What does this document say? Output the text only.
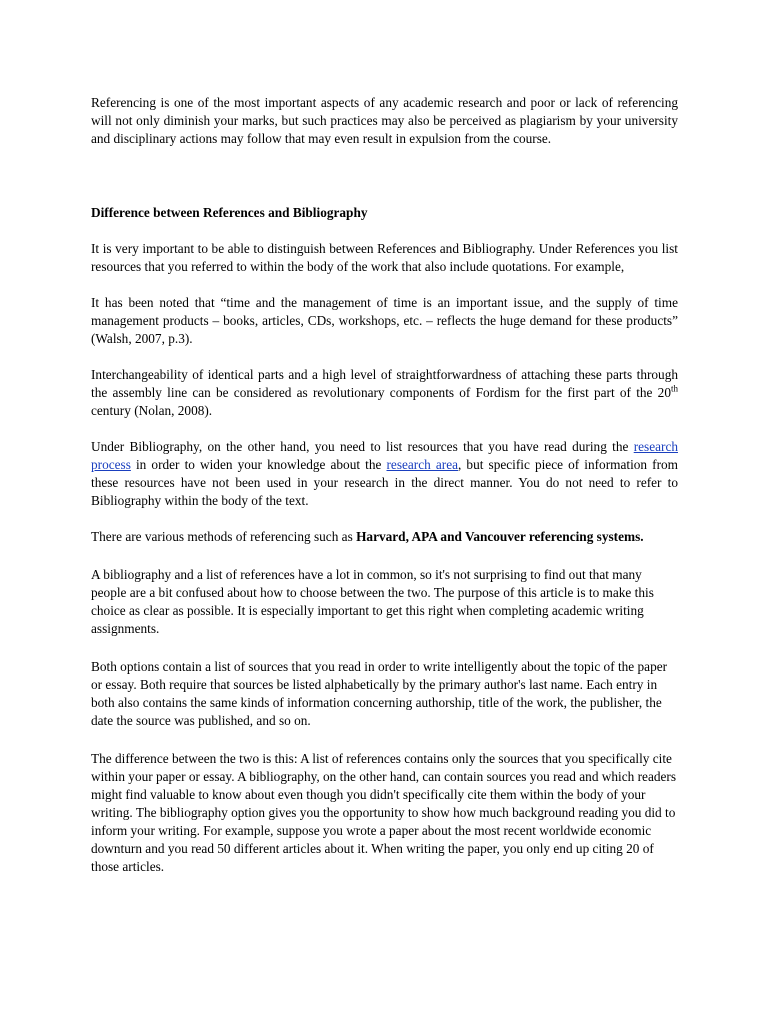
Referencing is one of the most important aspects of any academic research and poor or lack of referencing will not only diminish your marks, but such practices may also be perceived as plagiarism by your university and disciplinary actions may follow that may even result in expulsion from the course.

Difference between References and Bibliography

It is very important to be able to distinguish between References and Bibliography. Under References you list resources that you referred to within the body of the work that also include quotations. For example,

It has been noted that “time and the management of time is an important issue, and the supply of time management products – books, articles, CDs, workshops, etc. – reflects the huge demand for these products” (Walsh, 2007, p.3).

Interchangeability of identical parts and a high level of straightforwardness of attaching these parts through the assembly line can be considered as revolutionary components of Fordism for the first part of the 20th century (Nolan, 2008).

Under Bibliography, on the other hand, you need to list resources that you have read during the research process in order to widen your knowledge about the research area, but specific piece of information from these resources have not been used in your research in the direct manner. You do not need to refer to Bibliography within the body of the text.

There are various methods of referencing such as Harvard, APA and Vancouver referencing systems.

A bibliography and a list of references have a lot in common, so it's not surprising to find out that many people are a bit confused about how to choose between the two. The purpose of this article is to make this choice as clear as possible. It is especially important to get this right when completing academic writing assignments.

Both options contain a list of sources that you read in order to write intelligently about the topic of the paper or essay. Both require that sources be listed alphabetically by the primary author's last name. Each entry in both also contains the same kinds of information concerning authorship, title of the work, the publisher, the date the source was published, and so on.

The difference between the two is this: A list of references contains only the sources that you specifically cite within your paper or essay. A bibliography, on the other hand, can contain sources you read and which readers might find valuable to know about even though you didn't specifically cite them within the body of your writing. The bibliography option gives you the opportunity to show how much background reading you did to inform your writing. For example, suppose you wrote a paper about the most recent worldwide economic downturn and you read 50 different articles about it. When writing the paper, you only end up citing 20 of those articles.
